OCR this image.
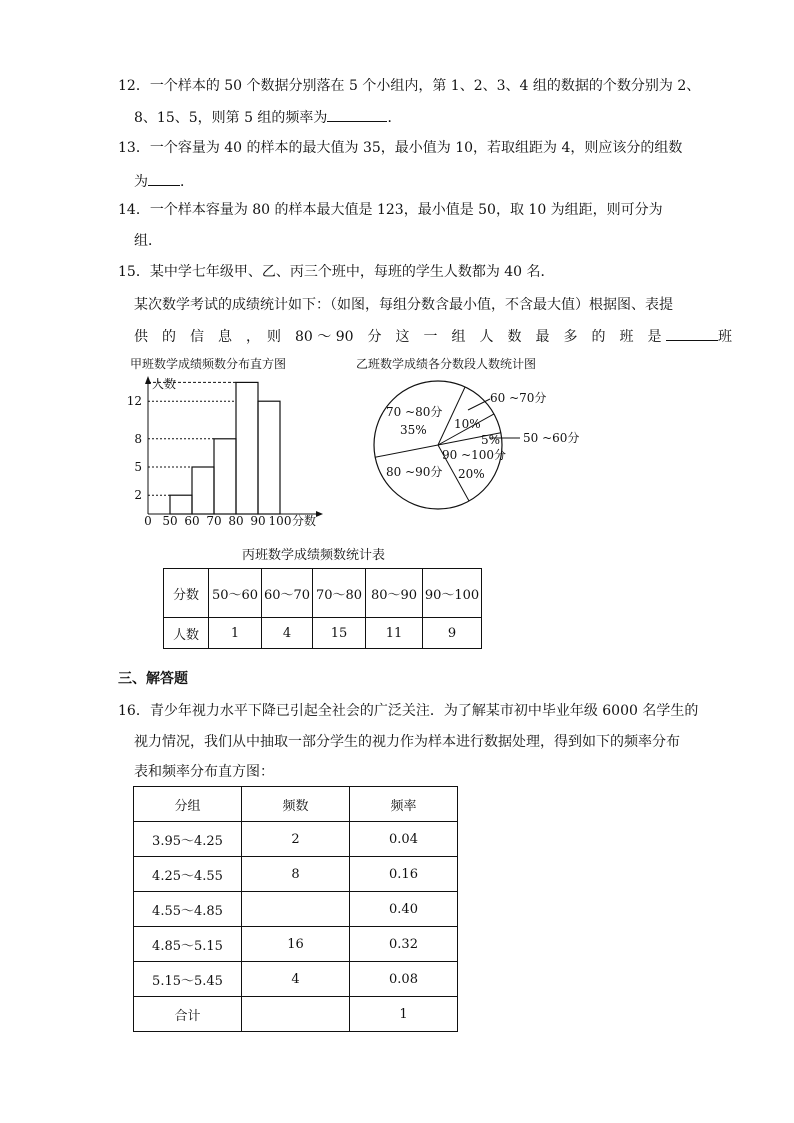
12．一个样本的 50 个数据分别落在 5 个小组内，第 1、2、3、4 组的数据的个数分别为 2、
8、15、5，则第 5 组的频率为	．
13．一个容量为 40 的样本的最大值为 35，最小值为 10，若取组距为 4，则应该分的组数
为 ．
14．一个样本容量为 80 的样本最大值是 123，最小值是 50，取 10 为组距，则可分为
组．
15．某中学七年级甲、乙、丙三个班中，每班的学生人数都为 40 名．
某次数学考试的成绩统计如下：（如图，每组分数含最小值，不含最大值）根据图、表提
供　的　信　息　，　则　80 ～ 90　分　这　一　组　人　数　最　多　的　班　是	班
甲班数学成绩频数分布直方图
人数
分数
2
5
8
12
0 50 60 70 80 90 100
乙班数学成绩各分数段人数统计图
60 ~70分
10%
50 ~60分
5%
90 ~100分
20%
80 ~90分
70 ~80分
35%
丙班数学成绩频数统计表
分数	50～60	60～70	70～80	80～90	90～100
人数	1	4	15	11	9
三、解答题
16．青少年视力水平下降已引起全社会的广泛关注．为了解某市初中毕业年级 6000 名学生的
视力情况，我们从中抽取一部分学生的视力作为样本进行数据处理，得到如下的频率分布
表和频率分布直方图：
分组	频数	频率
3.95～4.25	2	0.04
4.25～4.55	8	0.16
4.55～4.85		0.40
4.85～5.15	16	0.32
5.15～5.45	4	0.08
合计		1
